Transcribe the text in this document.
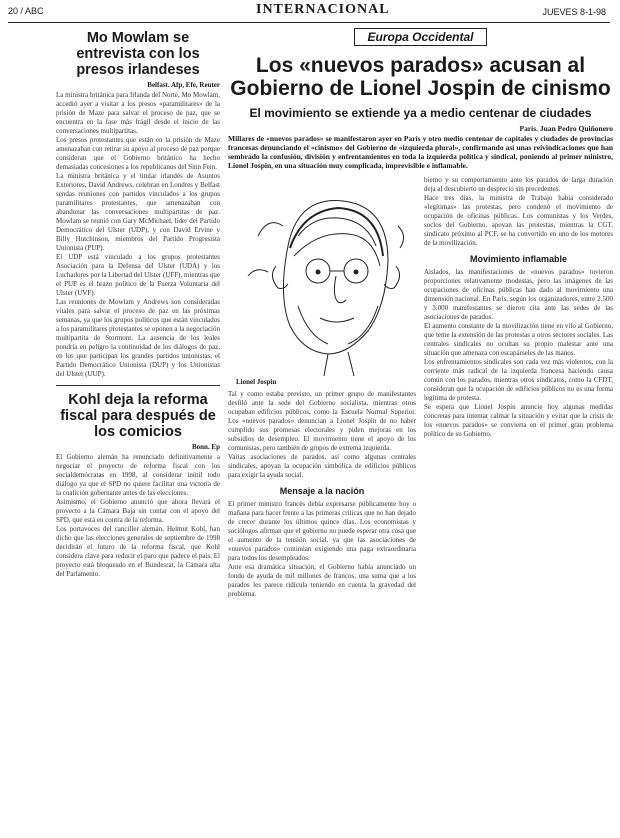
20 / ABC	INTERNACIONAL	JUEVES 8-1-98
Mo Mowlam se entrevista con los presos irlandeses

Belfast. Afp, Efe, Reuter

La ministra británica para Irlanda del Norte, Mo Mowlam, accedió ayer a visitar a los presos «paramilitares» de la prisión de Maze para salvar el proceso de paz, que se encuentra en la fase más frágil desde el inicio de las conversaciones multipartitas.

Los presos protestantes que están en la prisión de Maze amenazaban con retirar su apoyo al proceso de paz porque consideran que el Gobierno británico ha hecho demasiadas concesiones a los republicanos del Sinn Fein.

La ministra británica y el titular irlandés de Asuntos Exteriores, David Andrews, celebran en Londres y Belfast sendas reuniones con partidos vinculados a los grupos paramilitares protestantes, que amenazaban con abandonar las conversaciones multipartitas de paz. Mowlam se reunió con Gary McMichael, líder del Partido Democrático del Ulster (UDP), y con David Ervine y Billy Hutchinson, miembros del Partido Progresista Unionista (PUP).

El UDP está vinculado a los grupos protestantes Asociación para la Defensa del Ulster (UDA) y los Luchadores por la Libertad del Ulster (UFF), mientras que el PUP es el brazo político de la Fuerza Voluntaria del Ulster (UVF).

Las reuniones de Mowlam y Andrews son consideradas vitales para salvar el proceso de paz en las próximas semanas, ya que los grupos políticos que están vinculados a los paramilitares protestantes se oponen a la negociación multipartita de Stormont. La ausencia de los leales pondría en peligro la continuidad de los diálogos de paz, en los que participan los grandes partidos unionistas, el Partido Democrático Unionista (DUP) y los Unionistas del Ulster (UUP).

Kohl deja la reforma fiscal para después de los comicios

Bonn. Ep

El Gobierno alemán ha renunciado definitivamente a negociar el proyecto de reforma fiscal con los socialdemócratas en 1998, al considerar inútil todo diálogo ya que el SPD no quiere facilitar una victoria de la coalición gobernante antes de las elecciones.

Asimismo, el Gobierno anunció que ahora llevará el proyecto a la Cámara Baja sin contar con el apoyo del SPD, que está en contra de la reforma.

Los portavoces del canciller alemán, Helmut Kohl, han dicho que las elecciones generales de septiembre de 1998 decidirán el futuro de la reforma fiscal, que Kohl considera clave para reducir el paro que padece el país. El proyecto está bloqueado en el Bundesrat, la Cámara alta del Parlamento.

Europa Occidental
Los «nuevos parados» acusan al Gobierno de Lionel Jospin de cinismo
El movimiento se extiende ya a medio centenar de ciudades

París. Juan Pedro Quiñonero

Millares de «nuevos parados» se manifestaron ayer en París y otro medio centenar de capitales y ciudades de provincias francesas denunciando el «cinismo» del Gobierno de «izquierda plural», confirmando así unas reivindicaciones que han sembrado la confusión, división y enfrentamientos en toda la izquierda política y sindical, poniendo al primer ministro, Lionel Jospin, en una situación muy complicada, imprevisible e inflamable.

Lionel Jospin

Tal y como estaba previsto, un primer grupo de manifestantes desfiló ante la sede del Gobierno socialista, mientras otros ocupaban edificios públicos, como la Escuela Normal Superior. Los «nuevos parados» denuncian a Lionel Jospin de no haber cumplido sus promesas electorales y piden mejoras en los subsidios de desempleo. El movimiento tiene el apoyo de los comunistas, pero también de grupos de extrema izquierda.

Varias asociaciones de parados, así como algunas centrales sindicales, apoyan la ocupación simbólica de edificios públicos para exigir la ayuda social.

Mensaje a la nación

El primer ministro francés debía expresarse públicamente hoy o mañana para hacer frente a las primeras críticas que no han dejado de crecer durante los últimos quince días. Los economistas y sociólogos afirman que el gobierno no puede esperar otra cosa que el aumento de la tensión social, ya que las asociaciones de «nuevos parados» continúan exigiendo una paga extraordinaria para todos los desempleados.

Ante esa dramática situación, el Gobierno había anunciado un fondo de ayuda de mil millones de francos, una suma que a los parados les parece ridícula teniendo en cuenta la gravedad del problema.

bierno y su comportamiento ante los parados de larga duración deja al descubierto un desprecio sin precedentes.

Hace tres días, la ministra de Trabajo había considerado «legítimas» las protestas, pero condenó el movimiento de ocupación de oficinas públicas. Los comunistas y los Verdes, socios del Gobierno, apoyan las protestas, mientras la CGT, sindicato próximo al PCF, se ha convertido en uno de los motores de la movilización.

Movimiento inflamable

Aislados, las manifestaciones de «nuevos parados» tuvieron proporciones relativamente modestas, pero las imágenes de las ocupaciones de oficinas públicas han dado al movimiento una dimensión nacional. En París, según los organizadores, entre 2.500 y 3.000 manifestantes se dieron cita ante las sedes de las asociaciones de parados.

El aumento constante de la movilización tiene en vilo al Gobierno, que teme la extensión de las protestas a otros sectores sociales. Las centrales sindicales no ocultan su propio malestar ante una situación que amenaza con escapárseles de las manos.

Los enfrentamientos sindicales son cada vez más violentos, con la corriente más radical de la izquierda francesa haciendo causa común con los parados, mientras otros sindicatos, como la CFDT, consideran que la ocupación de edificios públicos no es una forma legítima de protesta.

Se espera que Lionel Jospin anuncie hoy algunas medidas concretas para intentar calmar la situación y evitar que la crisis de los «nuevos parados» se convierta en el primer gran problema político de su Gobierno.
